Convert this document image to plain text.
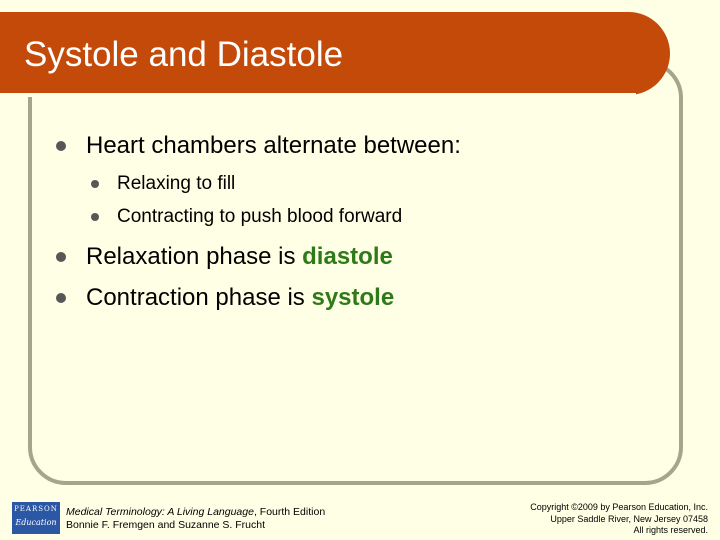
Systole and Diastole
Heart chambers alternate between:
Relaxing to fill
Contracting to push blood forward
Relaxation phase is diastole
Contraction phase is systole
PEARSON
Education
Medical Terminology: A Living Language, Fourth Edition
Bonnie F. Fremgen and Suzanne S. Frucht
Copyright ©2009 by Pearson Education, Inc.
Upper Saddle River, New Jersey 07458
All rights reserved.
